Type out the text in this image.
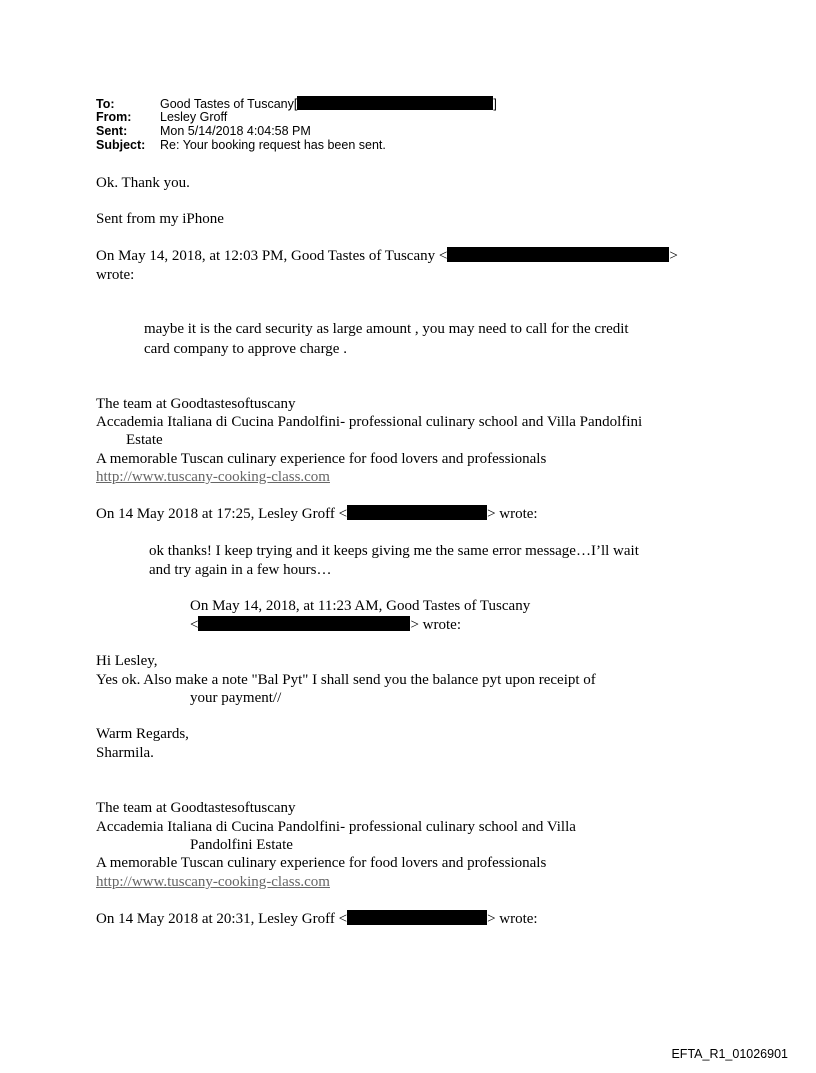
To:	Good Tastes of Tuscany[	]
From: Lesley Groff
Sent:	Mon 5/14/2018 4:04:58 PM
Subject: Re: Your booking request has been sent.
Ok. Thank you.
Sent from my iPhone
On May 14, 2018, at 12:03 PM, Good Tastes of Tuscany <	>
wrote:
maybe it is the card security as large amount , you may need to call for the credit
card company to approve charge .
The team at Goodtastesoftuscany
Accademia Italiana di Cucina Pandolfini- professional culinary school and Villa Pandolfini
Estate
A memorable Tuscan culinary experience for food lovers and professionals
http://www.tuscany-cooking-class.com
On 14 May 2018 at 17:25, Lesley Groff <	> wrote:
ok thanks! I keep trying and it keeps giving me the same error message…I’ll wait
and try again in a few hours…
On May 14, 2018, at 11:23 AM, Good Tastes of Tuscany
<	> wrote:
Hi Lesley,
Yes ok. Also make a note "Bal Pyt" I shall send you the balance pyt upon receipt of
your payment//
Warm Regards,
Sharmila.
The team at Goodtastesoftuscany
Accademia Italiana di Cucina Pandolfini- professional culinary school and Villa
Pandolfini Estate
A memorable Tuscan culinary experience for food lovers and professionals
http://www.tuscany-cooking-class.com
On 14 May 2018 at 20:31, Lesley Groff <	> wrote:
EFTA_R1_01026901
